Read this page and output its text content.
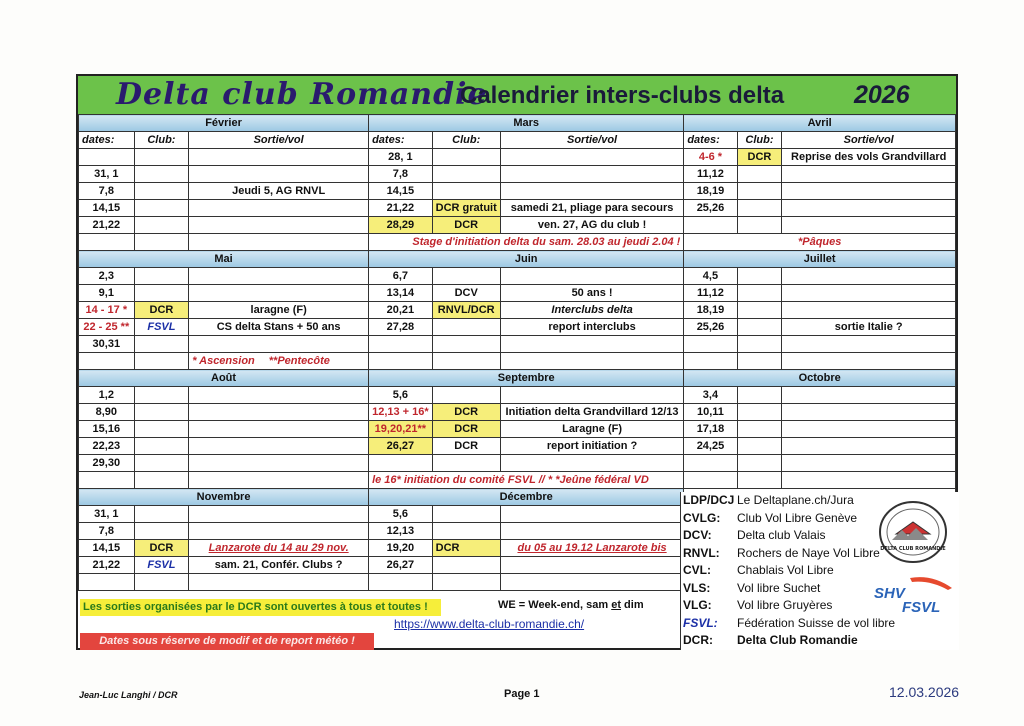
Delta club Romandie
Calendrier inters-clubs delta	2026
Février			Mars			Avril		
dates:	Club:	Sortie/vol	dates:	Club:	Sortie/vol	dates:	Club:	Sortie/vol
			28, 1			4-6 *	DCR	Reprise des vols Grandvillard
31, 1			7,8			11,12		
7,8		Jeudi 5, AG RNVL	14,15			18,19		
14,15			21,22	DCR gratuit	samedi 21, pliage para secours	25,26		
21,22			28,29	DCR	ven. 27, AG du club !			
			Stage d'initiation delta du sam. 28.03 au jeudi 2.04 !			*Pâques		
Mai			Juin			Juillet		
2,3			6,7			4,5		
9,1			13,14	DCV	50 ans !	11,12		
14 - 17 *	DCR	laragne (F)	20,21	RNVL/DCR	Interclubs delta	18,19		
22 - 25 **	FSVL	CS delta Stans + 50 ans	27,28		report interclubs	25,26		sortie Italie ?
30,31								
		* Ascension **Pentecôte						
Août			Septembre			Octobre		
1,2			5,6			3,4		
8,90			12,13 + 16*	DCR	Initiation delta Grandvillard 12/13	10,11		
15,16			19,20,21**	DCR	Laragne (F)	17,18		
22,23			26,27	DCR	report initiation ?	24,25		
29,30								
			le 16* initiation du comité FSVL // * *Jeûne fédéral VD					
Novembre			Décembre					
31, 1			5,6					
7,8			12,13					
14,15	DCR	Lanzarote du 14 au 29 nov.	19,20	DCR	du 05 au 19.12 Lanzarote bis			
21,22	FSVL	sam. 21, Confér. Clubs ?	26,27					

Les sorties organisées par le DCR sont ouvertes à tous et toutes !	WE = Week-end, sam et dim
https://www.delta-club-romandie.ch/
Dates sous réserve de modif et de report météo !
LDP/DCJ Le Deltaplane.ch/Jura
CVLG: Club Vol Libre Genève
DCV: Delta club Valais
RNVL: Rochers de Naye Vol Libre
CVL: Chablais Vol Libre
VLS: Vol libre Suchet
VLG: Vol libre Gruyères
FSVL: Fédération Suisse de vol libre
DCR: Delta Club Romandie
DELTA CLUB ROMANDIE
SHV
FSVL
Jean-Luc Langhi / DCR	Page 1	12.03.2026
